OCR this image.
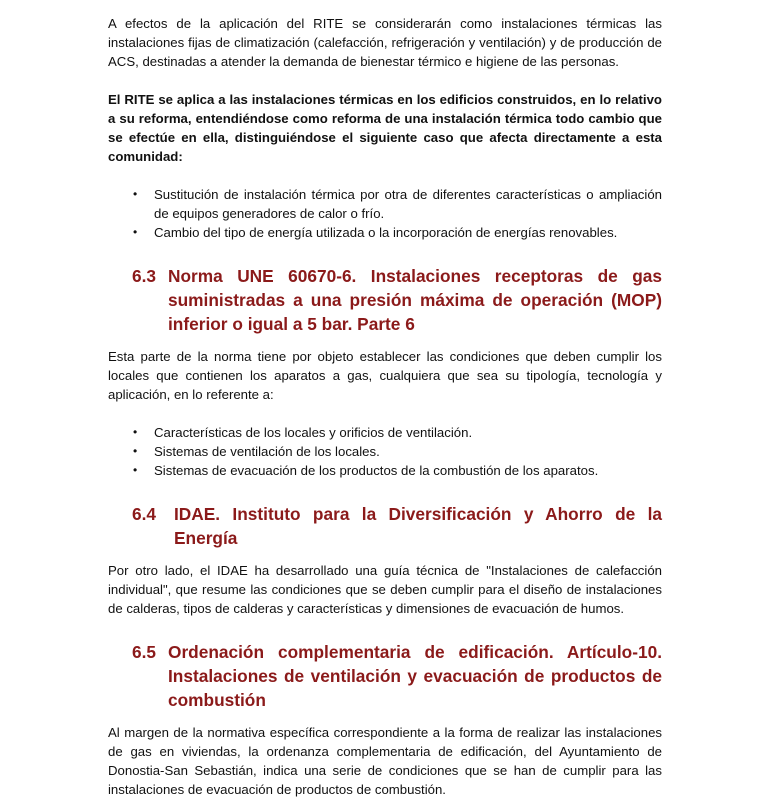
A efectos de la aplicación del RITE se considerarán como instalaciones térmicas las instalaciones fijas de climatización (calefacción, refrigeración y ventilación) y de producción de ACS, destinadas a atender la demanda de bienestar térmico e higiene de las personas.

El RITE se aplica a las instalaciones térmicas en los edificios construidos, en lo relativo a su reforma, entendiéndose como reforma de una instalación térmica todo cambio que se efectúe en ella, distinguiéndose el siguiente caso que afecta directamente a esta comunidad:

• Sustitución de instalación térmica por otra de diferentes características o ampliación de equipos generadores de calor o frío.
• Cambio del tipo de energía utilizada o la incorporación de energías renovables.
6.3 Norma UNE 60670-6. Instalaciones receptoras de gas suministradas a una presión máxima de operación (MOP) inferior o igual a 5 bar. Parte 6

Esta parte de la norma tiene por objeto establecer las condiciones que deben cumplir los locales que contienen los aparatos a gas, cualquiera que sea su tipología, tecnología y aplicación, en lo referente a:

• Características de los locales y orificios de ventilación.
• Sistemas de ventilación de los locales.
• Sistemas de evacuación de los productos de la combustión de los aparatos.
6.4	IDAE. Instituto para la Diversificación y Ahorro de la Energía

Por otro lado, el IDAE ha desarrollado una guía técnica de "Instalaciones de calefacción individual", que resume las condiciones que se deben cumplir para el diseño de instalaciones de calderas, tipos de calderas y características y dimensiones de evacuación de humos.

6.5 Ordenación complementaria de edificación. Artículo-10. Instalaciones de ventilación y evacuación de productos de combustión

Al margen de la normativa específica correspondiente a la forma de realizar las instalaciones de gas en viviendas, la ordenanza complementaria de edificación, del Ayuntamiento de Donostia-San Sebastián, indica una serie de condiciones que se han de cumplir para las instalaciones de evacuación de productos de combustión.
